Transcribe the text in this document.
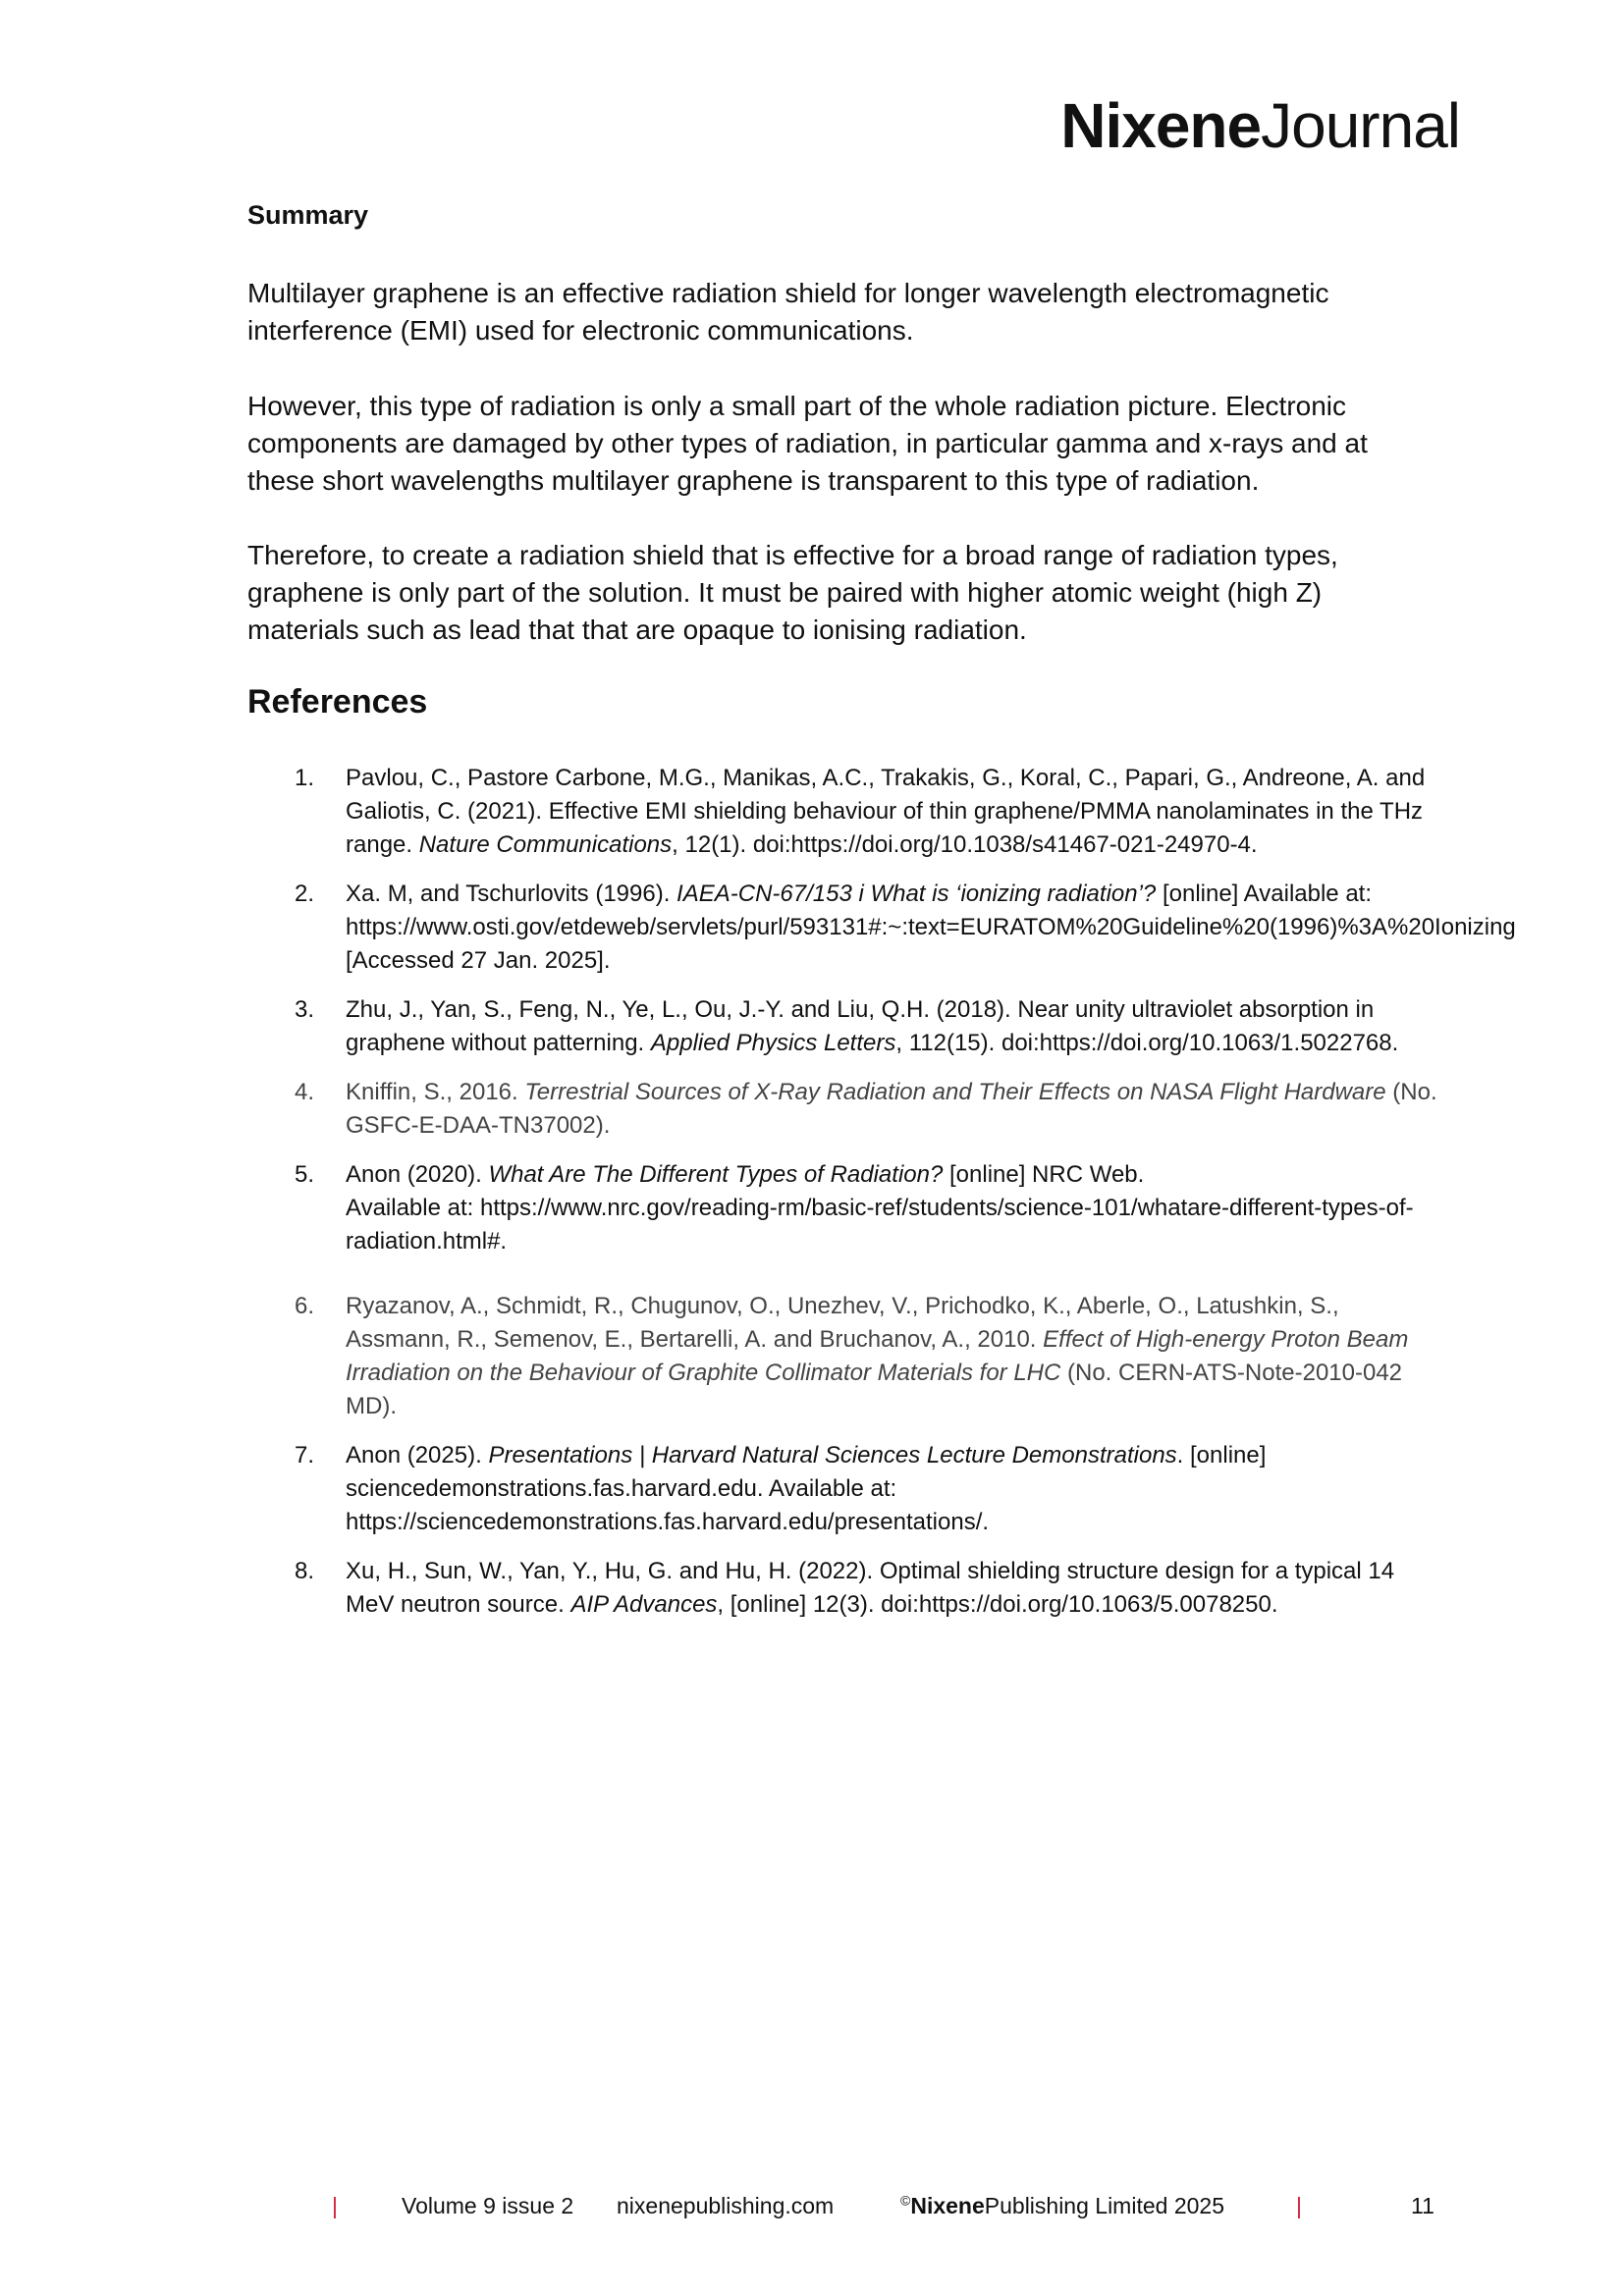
NixeneJournal
Summary
Multilayer graphene is an effective radiation shield for longer wavelength electromagnetic interference (EMI) used for electronic communications.
However, this type of radiation is only a small part of the whole radiation picture. Electronic components are damaged by other types of radiation, in particular gamma and x-rays and at these short wavelengths multilayer graphene is transparent to this type of radiation.
Therefore, to create a radiation shield that is effective for a broad range of radiation types, graphene is only part of the solution. It must be paired with higher atomic weight (high Z) materials such as lead that that are opaque to ionising radiation.
References
1. Pavlou, C., Pastore Carbone, M.G., Manikas, A.C., Trakakis, G., Koral, C., Papari, G., Andreone, A. and Galiotis, C. (2021). Effective EMI shielding behaviour of thin graphene/PMMA nanolaminates in the THz range. Nature Communications, 12(1). doi:https://doi.org/10.1038/s41467-021-24970-4.
2. Xa. M, and Tschurlovits (1996). IAEA-CN-67/153 i What is ‘ionizing radiation’? [online] Available at: https://www.osti.gov/etdeweb/servlets/purl/593131#:~:text=EURATOM%20Guideline%20(1996)%3A%20Ionizing [Accessed 27 Jan. 2025].
3. Zhu, J., Yan, S., Feng, N., Ye, L., Ou, J.-Y. and Liu, Q.H. (2018). Near unity ultraviolet absorption in graphene without patterning. Applied Physics Letters, 112(15). doi:https://doi.org/10.1063/1.5022768.
4. Kniffin, S., 2016. Terrestrial Sources of X-Ray Radiation and Their Effects on NASA Flight Hardware (No. GSFC-E-DAA-TN37002).
5. Anon (2020). What Are The Different Types of Radiation? [online] NRC Web.
Available at: https://www.nrc.gov/reading-rm/basic-ref/students/science-101/whatare-different-types-of-radiation.html#.
6. Ryazanov, A., Schmidt, R., Chugunov, O., Unezhev, V., Prichodko, K., Aberle, O., Latushkin, S., Assmann, R., Semenov, E., Bertarelli, A. and Bruchanov, A., 2010. Effect of High-energy Proton Beam Irradiation on the Behaviour of Graphite Collimator Materials for LHC (No. CERN-ATS-Note-2010-042 MD).
7. Anon (2025). Presentations | Harvard Natural Sciences Lecture Demonstrations. [online] sciencedemonstrations.fas.harvard.edu. Available at: https://sciencedemonstrations.fas.harvard.edu/presentations/.
8. Xu, H., Sun, W., Yan, Y., Hu, G. and Hu, H. (2022). Optimal shielding structure design for a typical 14 MeV neutron source. AIP Advances, [online] 12(3). doi:https://doi.org/10.1063/5.0078250.
|	Volume 9 issue 2 nixenepublishing.com	©NixenePublishing Limited 2025	|	11
